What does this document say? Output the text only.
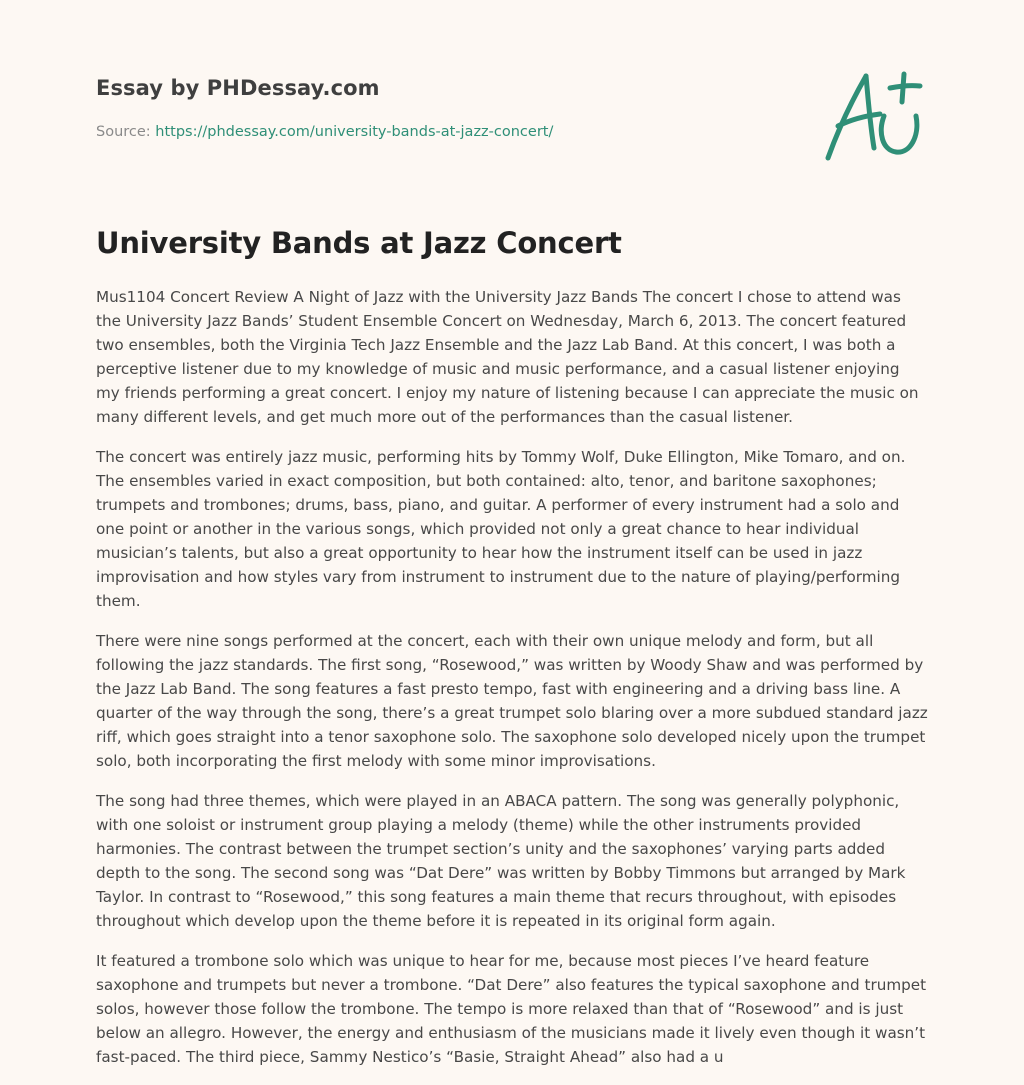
Essay by PHDessay.com
Source: https://phdessay.com/university-bands-at-jazz-concert/
University Bands at Jazz Concert

Mus1104 Concert Review A Night of Jazz with the University Jazz Bands The concert I chose to attend was the University Jazz Bands’ Student Ensemble Concert on Wednesday, March 6, 2013. The concert featured two ensembles, both the Virginia Tech Jazz Ensemble and the Jazz Lab Band. At this concert, I was both a perceptive listener due to my knowledge of music and music performance, and a casual listener enjoying my friends performing a great concert. I enjoy my nature of listening because I can appreciate the music on many different levels, and get much more out of the performances than the casual listener.

The concert was entirely jazz music, performing hits by Tommy Wolf, Duke Ellington, Mike Tomaro, and on. The ensembles varied in exact composition, but both contained: alto, tenor, and baritone saxophones; trumpets and trombones; drums, bass, piano, and guitar. A performer of every instrument had a solo and one point or another in the various songs, which provided not only a great chance to hear individual musician’s talents, but also a great opportunity to hear how the instrument itself can be used in jazz improvisation and how styles vary from instrument to instrument due to the nature of playing/performing them.

There were nine songs performed at the concert, each with their own unique melody and form, but all following the jazz standards. The first song, “Rosewood,” was written by Woody Shaw and was performed by the Jazz Lab Band. The song features a fast presto tempo, fast with engineering and a driving bass line. A quarter of the way through the song, there’s a great trumpet solo blaring over a more subdued standard jazz riff, which goes straight into a tenor saxophone solo. The saxophone solo developed nicely upon the trumpet solo, both incorporating the first melody with some minor improvisations.

The song had three themes, which were played in an ABACA pattern. The song was generally polyphonic, with one soloist or instrument group playing a melody (theme) while the other instruments provided harmonies. The contrast between the trumpet section’s unity and the saxophones’ varying parts added depth to the song. The second song was “Dat Dere” was written by Bobby Timmons but arranged by Mark Taylor. In contrast to “Rosewood,” this song features a main theme that recurs throughout, with episodes throughout which develop upon the theme before it is repeated in its original form again.

It featured a trombone solo which was unique to hear for me, because most pieces I’ve heard feature saxophone and trumpets but never a trombone. “Dat Dere” also features the typical saxophone and trumpet solos, however those follow the trombone. The tempo is more relaxed than that of “Rosewood” and is just below an allegro. However, the energy and enthusiasm of the musicians made it lively even though it wasn’t fast-paced. The third piece, Sammy Nestico’s “Basie, Straight Ahead” also had a u
